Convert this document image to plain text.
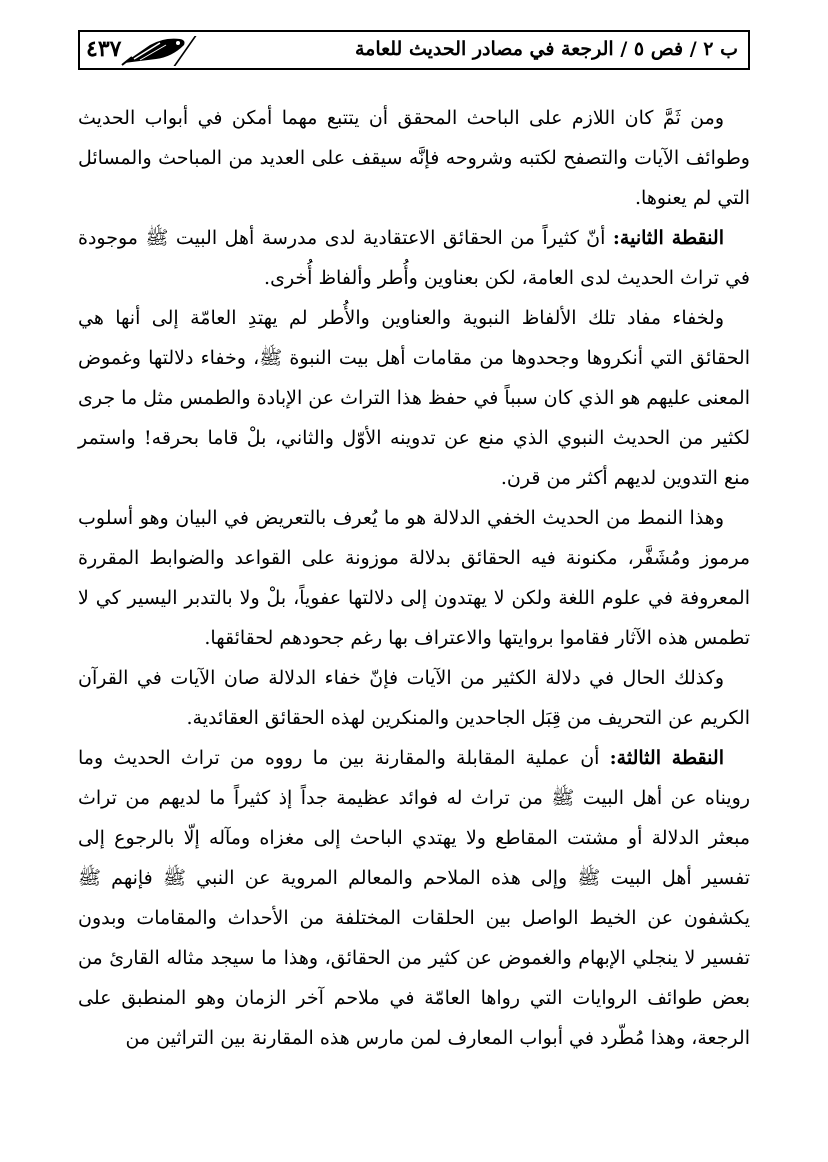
ب ٢ / فص ٥ / الرجعة في مصادر الحديث للعامة
٤٣٧

ومن ثَمَّ كان اللازم على الباحث المحقق أن يتتبع مهما أمكن في أبواب الحديث وطوائف الآيات والتصفح لكتبه وشروحه فإنَّه سيقف على العديد من المباحث والمسائل التي لم يعنوها.

النقطة الثانية: أنّ كثيراً من الحقائق الاعتقادية لدى مدرسة أهل البيت ﷺ موجودة في تراث الحديث لدى العامة، لكن بعناوين وأُطر وألفاظ أُخرى.

ولخفاء مفاد تلك الألفاظ النبوية والعناوين والأُطر لم يهتدِ العامّة إلى أنها هي الحقائق التي أنكروها وجحدوها من مقامات أهل بيت النبوة ﷺ، وخفاء دلالتها وغموض المعنى عليهم هو الذي كان سبباً في حفظ هذا التراث عن الإبادة والطمس مثل ما جرى لكثير من الحديث النبوي الذي منع عن تدوينه الأوّل والثاني، بلْ قاما بحرقه! واستمر منع التدوين لديهم أكثر من قرن.

وهذا النمط من الحديث الخفي الدلالة هو ما يُعرف بالتعريض في البيان وهو أسلوب مرموز ومُشَفَّر، مكنونة فيه الحقائق بدلالة موزونة على القواعد والضوابط المقررة المعروفة في علوم اللغة ولكن لا يهتدون إلى دلالتها عفوياً، بلْ ولا بالتدبر اليسير كي لا تطمس هذه الآثار فقاموا بروايتها والاعتراف بها رغم جحودهم لحقائقها.

وكذلك الحال في دلالة الكثير من الآيات فإنّ خفاء الدلالة صان الآيات في القرآن الكريم عن التحريف من قِبَل الجاحدين والمنكرين لهذه الحقائق العقائدية.

النقطة الثالثة: أن عملية المقابلة والمقارنة بين ما رووه من تراث الحديث وما رويناه عن أهل البيت ﷺ من تراث له فوائد عظيمة جداً إذ كثيراً ما لديهم من تراث مبعثر الدلالة أو مشتت المقاطع ولا يهتدي الباحث إلى مغزاه ومآله إلّا بالرجوع إلى تفسير أهل البيت ﷺ وإلى هذه الملاحم والمعالم المروية عن النبي ﷺ فإنهم ﷺ يكشفون عن الخيط الواصل بين الحلقات المختلفة من الأحداث والمقامات وبدون تفسير لا ينجلي الإبهام والغموض عن كثير من الحقائق، وهذا ما سيجد مثاله القارئ من بعض طوائف الروايات التي رواها العامّة في ملاحم آخر الزمان وهو المنطبق على الرجعة، وهذا مُطّرد في أبواب المعارف لمن مارس هذه المقارنة بين التراثين من
